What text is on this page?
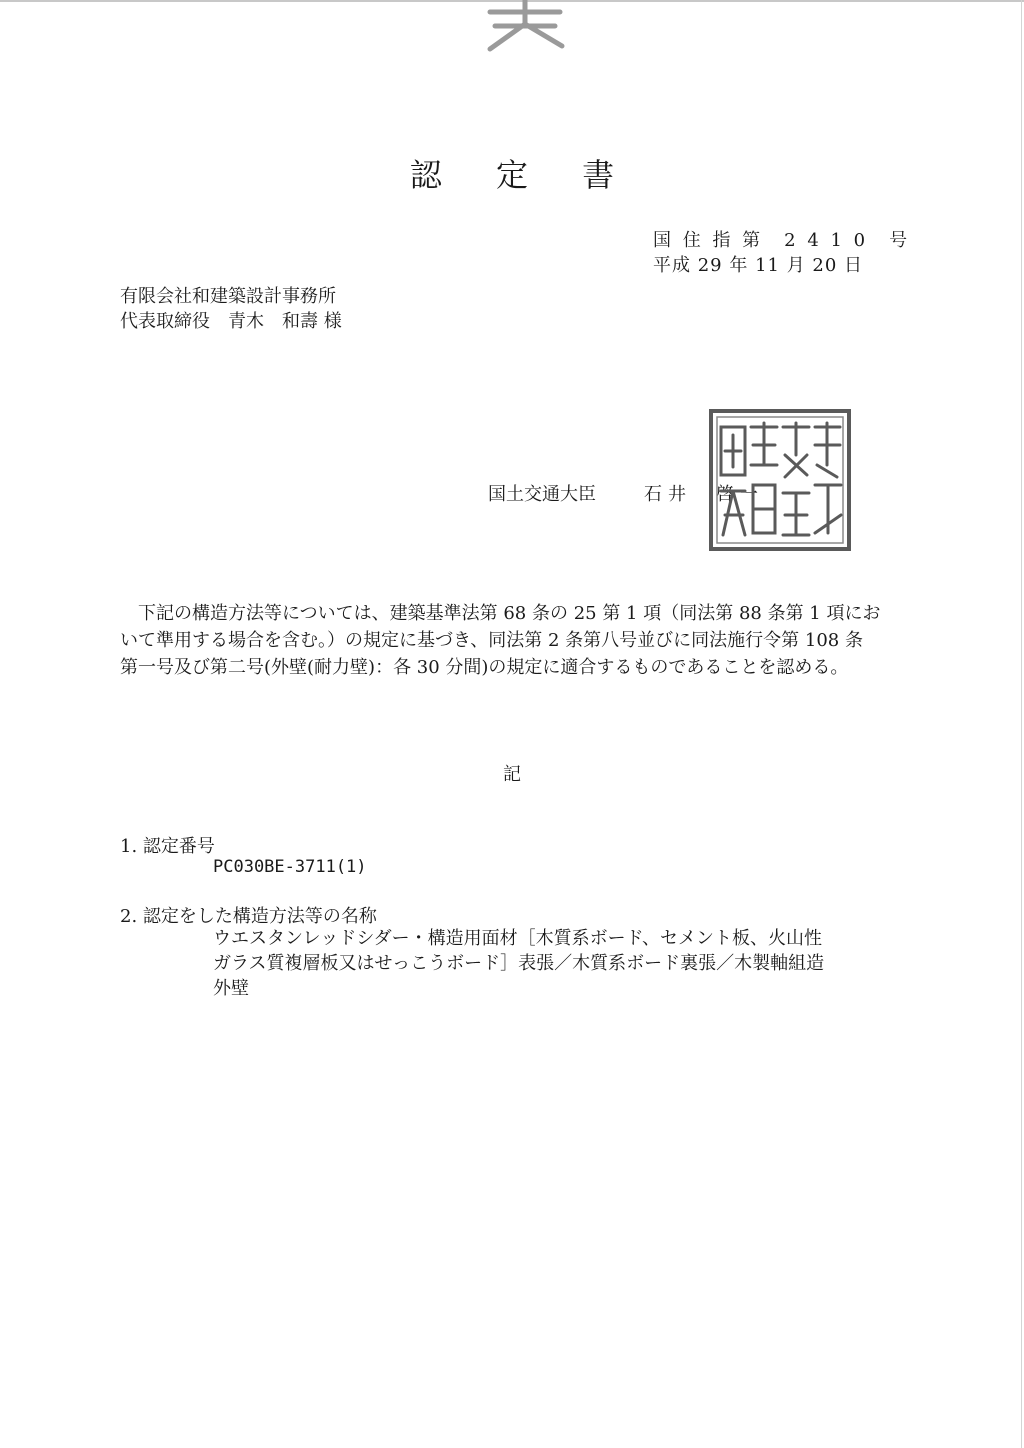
認 定 書
国 住 指 第　2 4 1 0　号
平成 29 年 11 月 20 日
有限会社和建築設計事務所
代表取締役　青木　和壽 様
国土交通大臣	石井　啓一
下記の構造方法等については、建築基準法第 68 条の 25 第 1 項（同法第 88 条第 1 項にお
いて準用する場合を含む。）の規定に基づき、同法第 2 条第八号並びに同法施行令第 108 条
第一号及び第二号(外壁(耐力壁)：各 30 分間)の規定に適合するものであることを認める。
記
1. 認定番号
PC030BE-3711(1)
2. 認定をした構造方法等の名称
ウエスタンレッドシダー・構造用面材［木質系ボード、セメント板、火山性
ガラス質複層板又はせっこうボード］表張／木質系ボード裏張／木製軸組造
外壁
